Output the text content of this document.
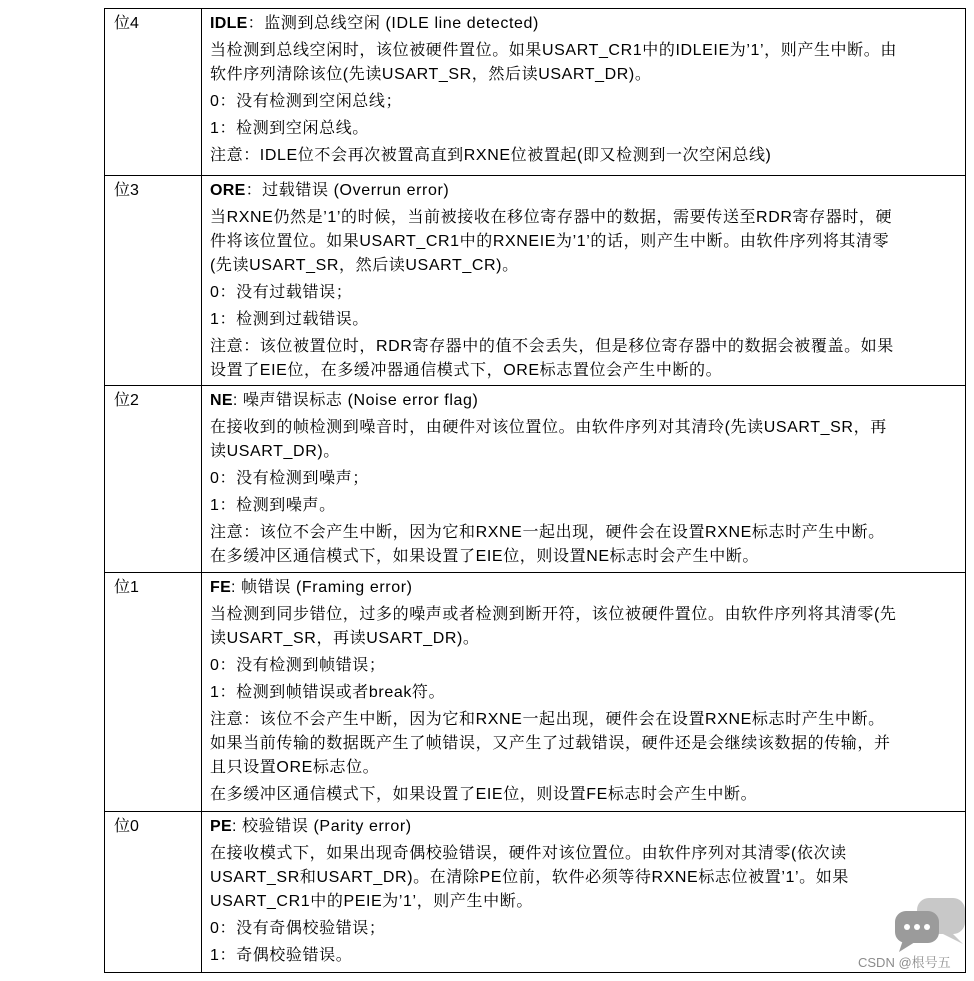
位4	IDLE：监测到总线空闲 (IDLE line detected)
当检测到总线空闲时，该位被硬件置位。如果USART_CR1中的IDLEIE为’1’，则产生中断。由
软件序列清除该位(先读USART_SR，然后读USART_DR)。
0：没有检测到空闲总线；
1：检测到空闲总线。
注意：IDLE位不会再次被置高直到RXNE位被置起(即又检测到一次空闲总线)
位3	ORE：过载错误 (Overrun error)
当RXNE仍然是’1’的时候，当前被接收在移位寄存器中的数据，需要传送至RDR寄存器时，硬
件将该位置位。如果USART_CR1中的RXNEIE为’1’的话，则产生中断。由软件序列将其清零
(先读USART_SR，然后读USART_CR)。
0：没有过载错误；
1：检测到过载错误。
注意：该位被置位时，RDR寄存器中的值不会丢失，但是移位寄存器中的数据会被覆盖。如果
设置了EIE位，在多缓冲器通信模式下，ORE标志置位会产生中断的。
位2	NE: 噪声错误标志 (Noise error flag)
在接收到的帧检测到噪音时，由硬件对该位置位。由软件序列对其清玲(先读USART_SR，再
读USART_DR)。
0：没有检测到噪声；
1：检测到噪声。
注意：该位不会产生中断，因为它和RXNE一起出现，硬件会在设置RXNE标志时产生中断。
在多缓冲区通信模式下，如果设置了EIE位，则设置NE标志时会产生中断。
位1	FE: 帧错误 (Framing error)
当检测到同步错位，过多的噪声或者检测到断开符，该位被硬件置位。由软件序列将其清零(先
读USART_SR，再读USART_DR)。
0：没有检测到帧错误；
1：检测到帧错误或者break符。
注意：该位不会产生中断，因为它和RXNE一起出现，硬件会在设置RXNE标志时产生中断。
如果当前传输的数据既产生了帧错误，又产生了过载错误，硬件还是会继续该数据的传输，并
且只设置ORE标志位。
在多缓冲区通信模式下，如果设置了EIE位，则设置FE标志时会产生中断。
位0	PE: 校验错误 (Parity error)
在接收模式下，如果出现奇偶校验错误，硬件对该位置位。由软件序列对其清零(依次读
USART_SR和USART_DR)。在清除PE位前，软件必须等待RXNE标志位被置’1’。如果
USART_CR1中的PEIE为’1’，则产生中断。
0：没有奇偶校验错误；
1：奇偶校验错误。	CSDN @根号五
